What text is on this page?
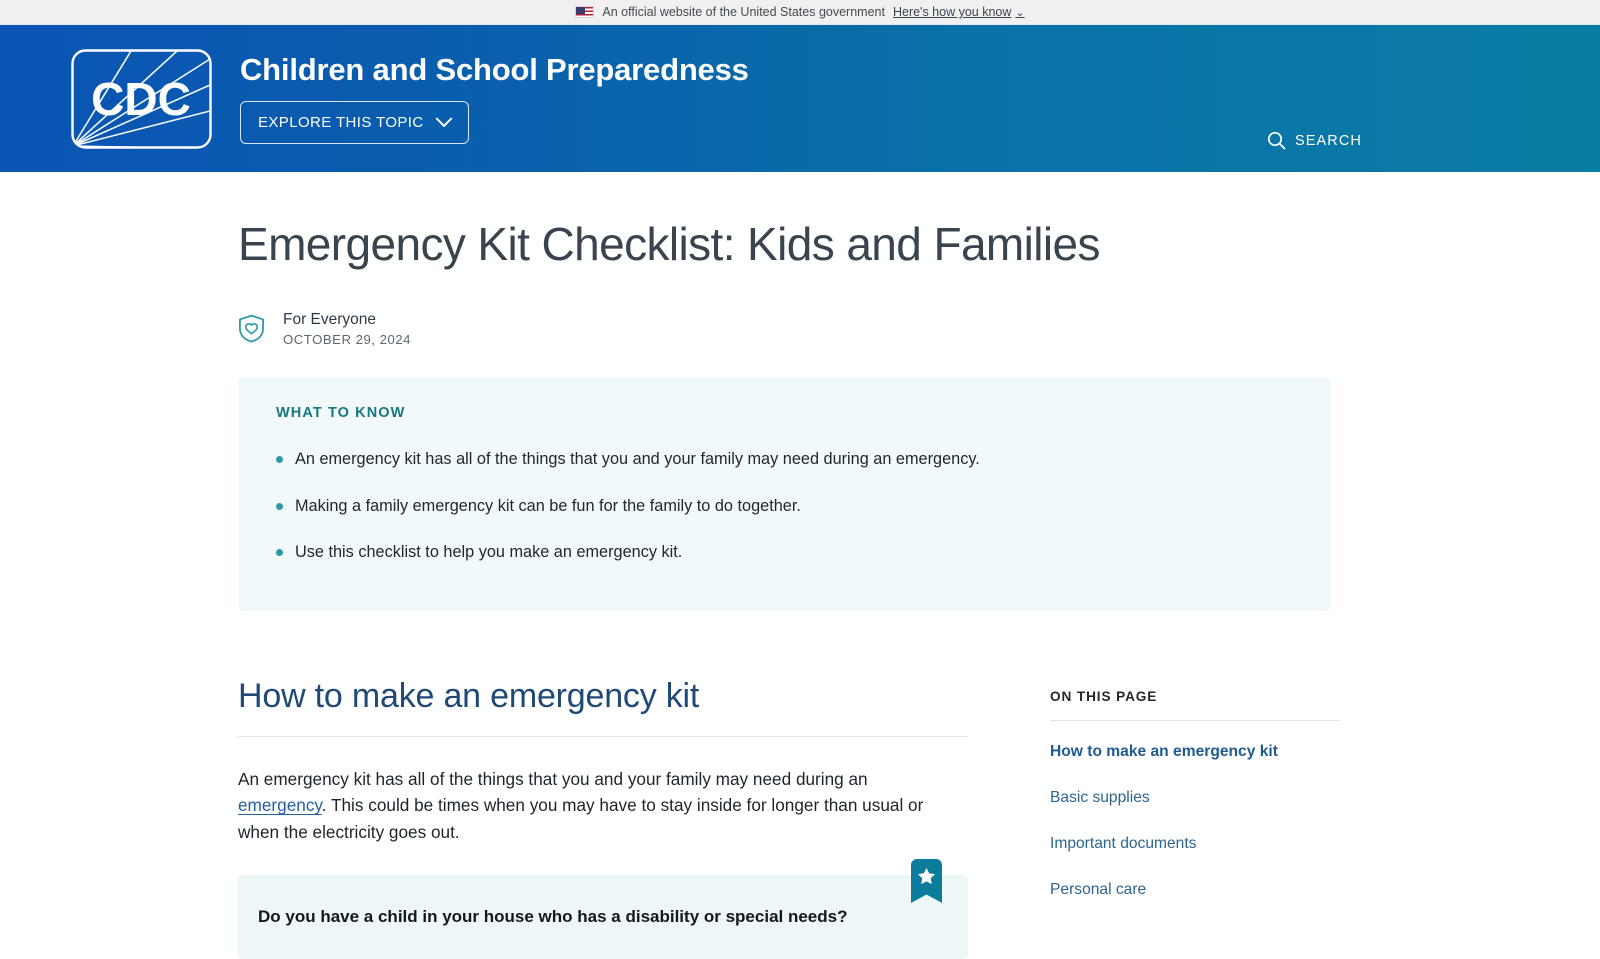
An official website of the United States government Here's how you know ⌄
CDC
Children and School Preparedness
EXPLORE THIS TOPIC
SEARCH
Emergency Kit Checklist: Kids and Families
For Everyone
OCTOBER 29, 2024
WHAT TO KNOW
An emergency kit has all of the things that you and your family may need during an emergency.
Making a family emergency kit can be fun for the family to do together.
Use this checklist to help you make an emergency kit.
How to make an emergency kit

An emergency kit has all of the things that you and your family may need during an emergency. This could be times when you may have to stay inside for longer than usual or when the electricity goes out.

Do you have a child in your house who has a disability or special needs?
ON THIS PAGE
How to make an emergency kit
Basic supplies
Important documents
Personal care
